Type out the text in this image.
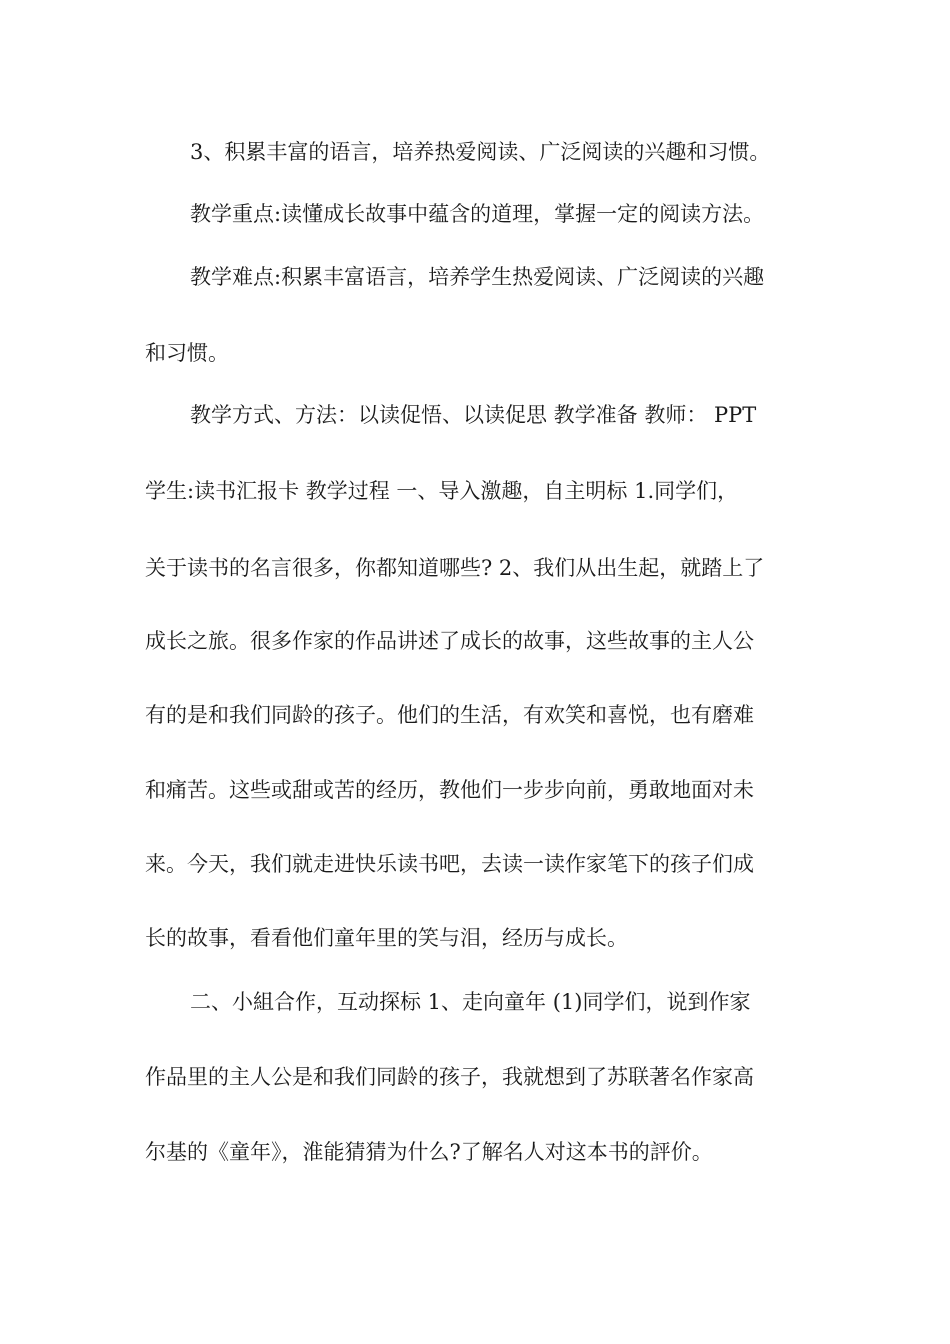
3、积累丰富的语言，培养热爱阅读、广泛阅读的兴趣和习惯。
教学重点:读懂成长故事中蕴含的道理，掌握一定的阅读方法。
教学难点:积累丰富语言，培养学生热爱阅读、广泛阅读的兴趣
和习惯。
教学方式、方法：以读促悟、以读促思 教学准备 教师： PPT
学生:读书汇报卡 教学过程 一、导入激趣，自主明标 1.同学们，
关于读书的名言很多，你都知道哪些? 2、我们从出生起，就踏上了
成长之旅。很多作家的作品讲述了成长的故事，这些故事的主人公
有的是和我们同龄的孩子。他们的生活，有欢笑和喜悦，也有磨难
和痛苦。这些或甜或苦的经历，教他们一步步向前，勇敢地面对未
来。今天，我们就走进快乐读书吧，去读一读作家笔下的孩子们成
长的故事，看看他们童年里的笑与泪，经历与成长。
二、小組合作，互动探标 1、走向童年 (1)同学们，说到作家
作品里的主人公是和我们同龄的孩子，我就想到了苏联著名作家高
尔基的《童年》，淮能猜猜为什么?了解名人对这本书的評价。
